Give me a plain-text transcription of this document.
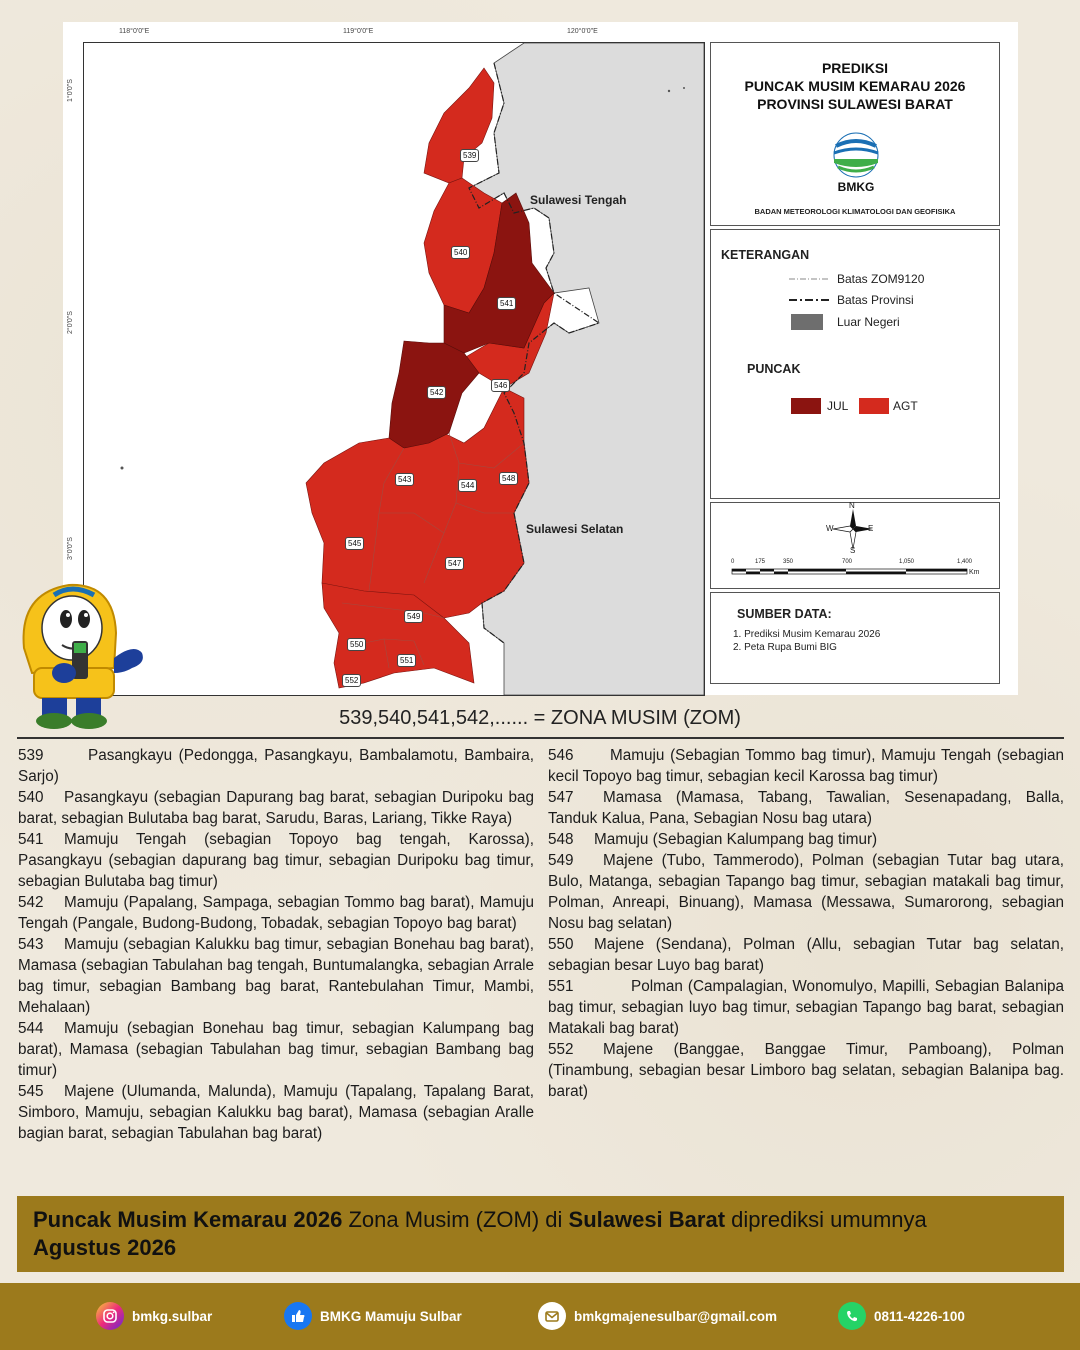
118°0'0"E	119°0'0"E	120°0'0"E
1°0'0"S
2°0'0"S
3°0'0"S
539
540
541
542
543
544
545
546
547
548
549
550
551
552
Sulawesi Tengah
Sulawesi Selatan
PREDIKSI
PUNCAK MUSIM KEMARAU 2026
PROVINSI SULAWESI BARAT
BMKG
BADAN METEOROLOGI KLIMATOLOGI DAN GEOFISIKA
KETERANGAN
Batas ZOM9120
Batas Provinsi
Luar Negeri
PUNCAK
JUL	AGT
N
S
W	E
0	175	350	700	1,050	1,400
Km
SUMBER DATA:
1. Prediksi Musim Kemarau 2026
2. Peta Rupa Bumi BIG
539,540,541,542,...... = ZONA MUSIM (ZOM)

539	Pasangkayu (Pedongga, Pasangkayu, Bambalamotu, Bambaira, Sarjo)

540 Pasangkayu (sebagian Dapurang bag barat, sebagian Duripoku bag barat, sebagian Bulutaba bag barat, Sarudu, Baras, Lariang, Tikke Raya)

541 Mamuju Tengah (sebagian Topoyo bag tengah, Karossa), Pasangkayu (sebagian dapurang bag timur, sebagian Duripoku bag timur, sebagian Bulutaba bag timur)

542 Mamuju (Papalang, Sampaga, sebagian Tommo bag barat), Mamuju Tengah (Pangale, Budong-Budong, Tobadak, sebagian Topoyo bag barat)

543 Mamuju (sebagian Kalukku bag timur, sebagian Bonehau bag barat), Mamasa (sebagian Tabulahan bag tengah, Buntumalangka, sebagian Arrale bag timur, sebagian Bambang bag barat, Rantebulahan Timur, Mambi, Mehalaan)

544 Mamuju (sebagian Bonehau bag timur, sebagian Kalumpang bag barat), Mamasa (sebagian Tabulahan bag timur, sebagian Bambang bag timur)

545 Majene (Ulumanda, Malunda), Mamuju (Tapalang, Tapalang Barat, Simboro, Mamuju, sebagian Kalukku bag barat), Mamasa (sebagian Aralle bagian barat, sebagian Tabulahan bag barat)

546 Mamuju (Sebagian Tommo bag timur), Mamuju Tengah (sebagian kecil Topoyo bag timur, sebagian kecil Karossa bag timur)

547 Mamasa (Mamasa, Tabang, Tawalian, Sesenapadang, Balla, Tanduk Kalua, Pana, Sebagian Nosu bag utara)

548 Mamuju (Sebagian Kalumpang bag timur)

549 Majene (Tubo, Tammerodo), Polman (sebagian Tutar bag utara, Bulo, Matanga, sebagian Tapango bag timur, sebagian matakali bag timur, Polman, Anreapi, Binuang), Mamasa (Messawa, Sumarorong, sebagian Nosu bag selatan)

550 Majene (Sendana), Polman (Allu, sebagian Tutar bag selatan, sebagian besar Luyo bag barat)

551	Polman (Campalagian, Wonomulyo, Mapilli, Sebagian Balanipa bag timur, sebagian luyo bag timur, sebagian Tapango bag barat, sebagian Matakali bag barat)

552 Majene (Banggae, Banggae Timur, Pamboang), Polman (Tinambung, sebagian besar Limboro bag selatan, sebagian Balanipa bag. barat)

Puncak Musim Kemarau 2026 Zona Musim (ZOM) di Sulawesi Barat diprediksi umumnya
Agustus 2026
bmkg.sulbar	BMKG Mamuju Sulbar	bmkgmajenesulbar@gmail.com	0811-4226-100
